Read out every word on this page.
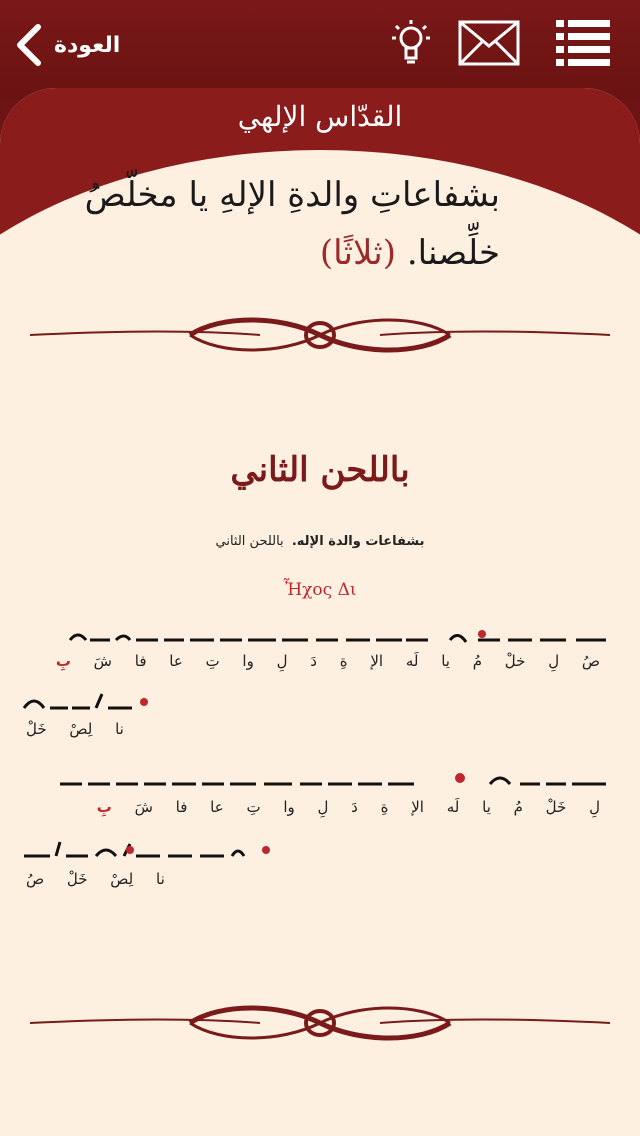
العودة
القدّاس الإلهي
بشفاعاتِ والدةِ الإلهِ يا مخلّصُ خلِّصنا. (ثلاثًا)
باللحن الثاني
بشفاعات والدة الإله. باللحن الثاني
Ἦχος Δι
صُ لِ خلْ مُ يا لَه الإ ةِ دَ لِ وا تِ عا فا شَ بِ
نا لِصْ خَلْ
لِ خَلْ مُ يا لَه الإ ةِ دَ لِ وا تِ عا فا شَ بِ
نا لِصْ خَلْ صُ
